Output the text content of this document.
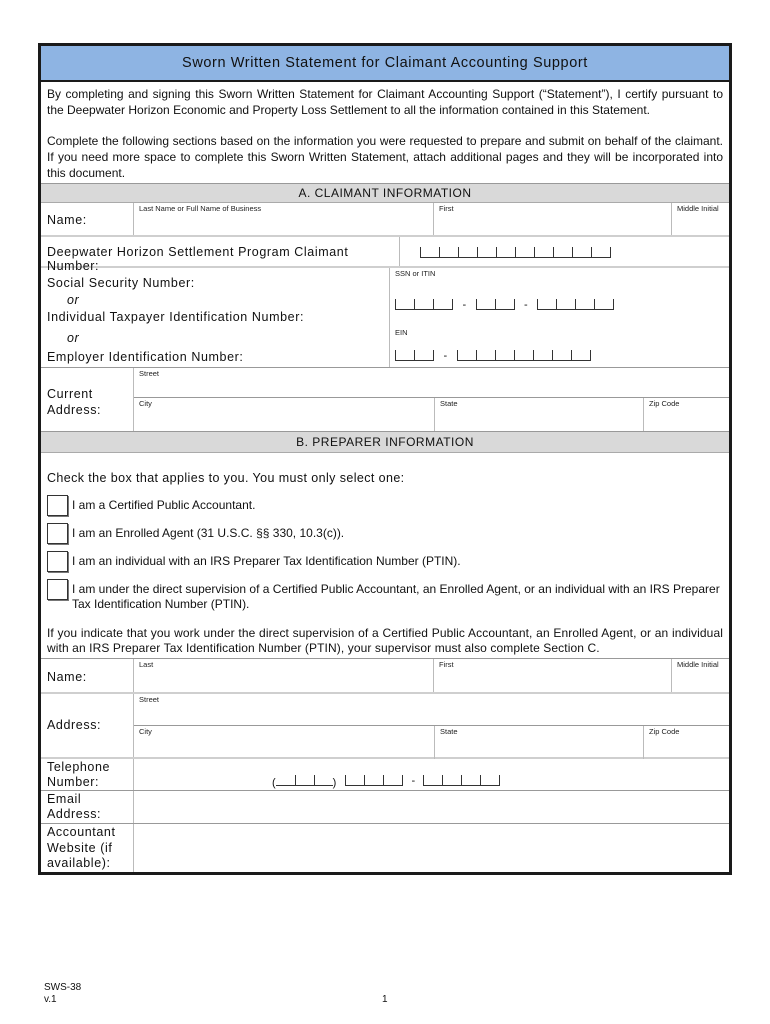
Sworn Written Statement for Claimant Accounting Support

By completing and signing this Sworn Written Statement for Claimant Accounting Support (“Statement”), I certify pursuant to the Deepwater Horizon Economic and Property Loss Settlement to all the information contained in this Statement.

Complete the following sections based on the information you were requested to prepare and submit on behalf of the claimant. If you need more space to complete this Sworn Written Statement, attach additional pages and they will be incorporated into this document.

A. CLAIMANT INFORMATION
Name:
Last Name or Full Name of Business	First	Middle Initial
Deepwater Horizon Settlement Program Claimant Number:
Social Security Number:
or
Individual Taxpayer Identification Number:
or
Employer Identification Number:
SSN or ITIN
-	-
EIN
-
Current
Address:
Street
City	State	Zip Code
B. PREPARER INFORMATION
Check the box that applies to you. You must only select one:
I am a Certified Public Accountant.
I am an Enrolled Agent (31 U.S.C. §§ 330, 10.3(c)).
I am an individual with an IRS Preparer Tax Identification Number (PTIN).
I am under the direct supervision of a Certified Public Accountant, an Enrolled Agent, or an individual with an IRS Preparer Tax Identification Number (PTIN).
If you indicate that you work under the direct supervision of a Certified Public Accountant, an Enrolled Agent, or an individual with an IRS Preparer Tax Identification Number (PTIN), your supervisor must also complete Section C.
Name:
Last	First	Middle Initial
Address:
Street
City	State	Zip Code
Telephone Number:	(	)	-
Email Address:
Accountant Website (if available):
SWS-38
v.1	1
